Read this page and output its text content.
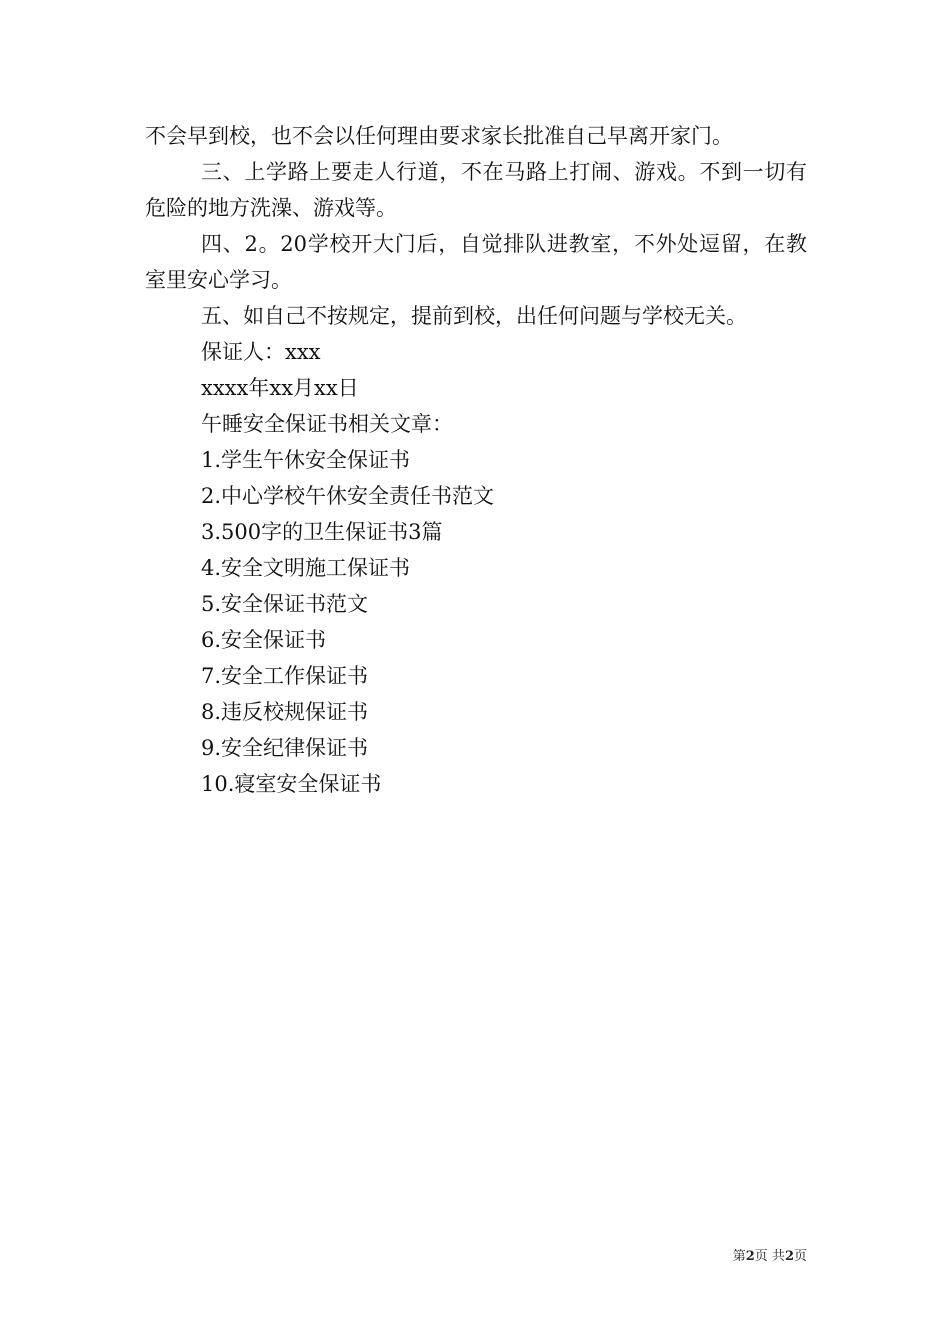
不会早到校，也不会以任何理由要求家长批准自己早离开家门。

三、上学路上要走人行道，不在马路上打闹、游戏。不到一切有危险的地方洗澡、游戏等。

四、2。20学校开大门后，自觉排队进教室，不外处逗留，在教室里安心学习。

五、如自己不按规定，提前到校，出任何问题与学校无关。

保证人：xxx

xxxx年xx月xx日

午睡安全保证书相关文章：

1.学生午休安全保证书
2.中心学校午休安全责任书范文
3.500字的卫生保证书3篇
4.安全文明施工保证书
5.安全保证书范文
6.安全保证书
7.安全工作保证书
8.违反校规保证书
9.安全纪律保证书
10.寝室安全保证书
第2页 共2页
